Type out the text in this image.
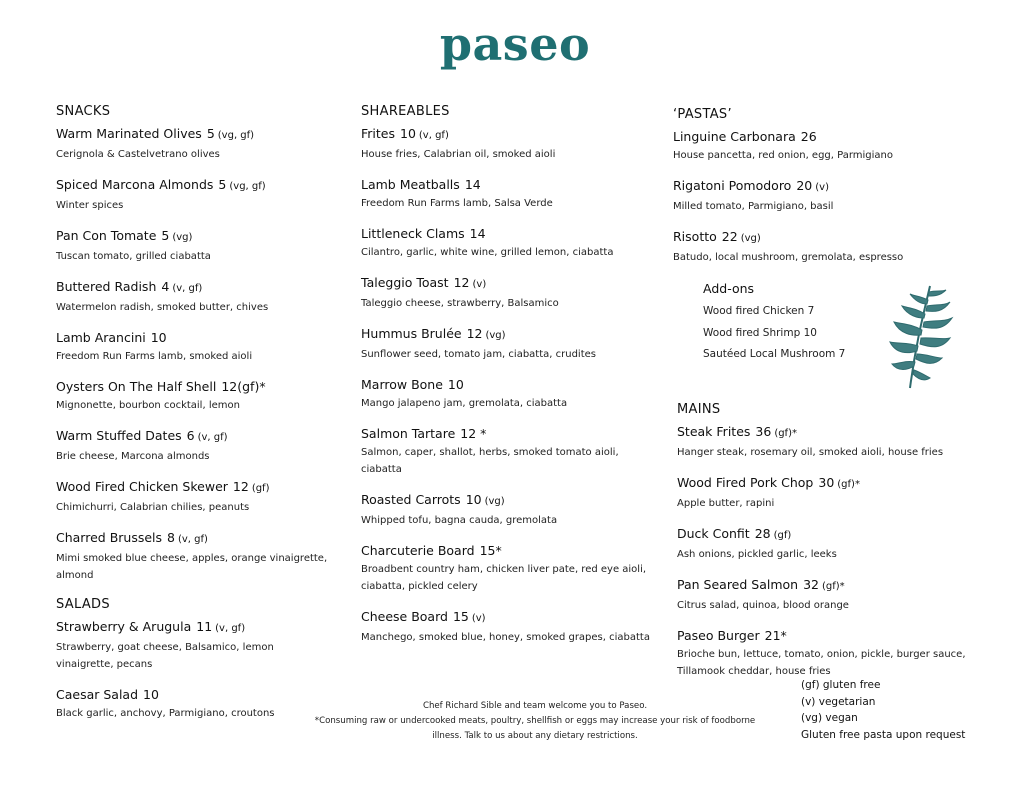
paseo
SNACKS
Warm Marinated Olives 5 (vg, gf)
Cerignola & Castelvetrano olives
Spiced Marcona Almonds 5 (vg, gf)
Winter spices
Pan Con Tomate 5 (vg)
Tuscan tomato, grilled ciabatta
Buttered Radish 4 (v, gf)
Watermelon radish, smoked butter, chives
Lamb Arancini 10
Freedom Run Farms lamb, smoked aioli
Oysters On The Half Shell 12(gf)*
Mignonette, bourbon cocktail, lemon
Warm Stuffed Dates 6 (v, gf)
Brie cheese, Marcona almonds
Wood Fired Chicken Skewer 12 (gf)
Chimichurri, Calabrian chilies, peanuts
Charred Brussels 8 (v, gf)
Mimi smoked blue cheese, apples, orange vinaigrette, almond
SALADS
Strawberry & Arugula 11 (v, gf)
Strawberry, goat cheese, Balsamico, lemon vinaigrette, pecans
Caesar Salad 10
Black garlic, anchovy, Parmigiano, croutons
SHAREABLES
Frites 10 (v, gf)
House fries, Calabrian oil, smoked aioli
Lamb Meatballs 14
Freedom Run Farms lamb, Salsa Verde
Littleneck Clams 14
Cilantro, garlic, white wine, grilled lemon, ciabatta
Taleggio Toast 12 (v)
Taleggio cheese, strawberry, Balsamico
Hummus Brulée 12 (vg)
Sunflower seed, tomato jam, ciabatta, crudites
Marrow Bone 10
Mango jalapeno jam, gremolata, ciabatta
Salmon Tartare 12 *
Salmon, caper, shallot, herbs, smoked tomato aioli, ciabatta
Roasted Carrots 10 (vg)
Whipped tofu, bagna cauda, gremolata
Charcuterie Board 15*
Broadbent country ham, chicken liver pate, red eye aioli, ciabatta, pickled celery
Cheese Board 15 (v)
Manchego, smoked blue, honey, smoked grapes, ciabatta
‘PASTAS’
Linguine Carbonara 26
House pancetta, red onion, egg, Parmigiano
Rigatoni Pomodoro 20 (v)
Milled tomato, Parmigiano, basil
Risotto 22 (vg)
Batudo, local mushroom, gremolata, espresso
Add-ons
Wood fired Chicken 7
Wood fired Shrimp 10
Sautéed Local Mushroom 7
MAINS
Steak Frites 36 (gf)*
Hanger steak, rosemary oil, smoked aioli, house fries
Wood Fired Pork Chop 30 (gf)*
Apple butter, rapini
Duck Confit 28 (gf)
Ash onions, pickled garlic, leeks
Pan Seared Salmon 32 (gf)*
Citrus salad, quinoa, blood orange
Paseo Burger 21*
Brioche bun, lettuce, tomato, onion, pickle, burger sauce, Tillamook cheddar, house fries
Chef Richard Sible and team welcome you to Paseo.
*Consuming raw or undercooked meats, poultry, shellfish or eggs may increase your risk of foodborne
illness. Talk to us about any dietary restrictions.
(gf) gluten free
(v) vegetarian
(vg) vegan
Gluten free pasta upon request
